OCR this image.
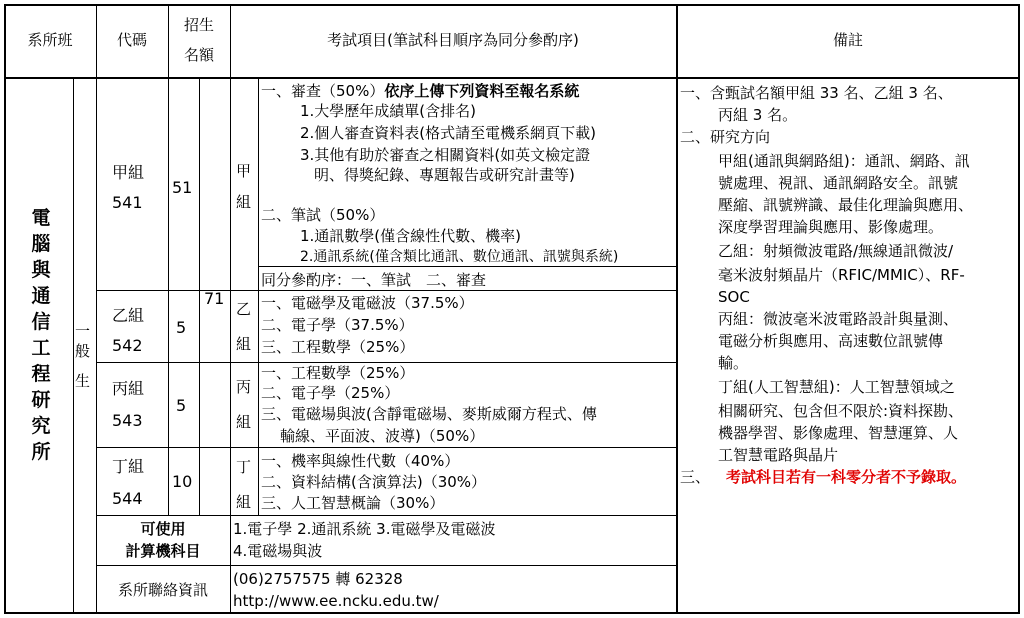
系所班	代碼
招生
名額
考試項目(筆試科目順序為同分參酌序)	備註
電腦與通信工程研究所
一
般
生
甲組
541
51
乙組
542
5
丙組
543
5
丁組
544
10
71
甲
組
乙
組
丙
組
丁
組
一、審查（50%）依序上傳下列資料至報名系統
1.大學歷年成績單(含排名)
2.個人審查資料表(格式請至電機系網頁下載)
3.其他有助於審查之相關資料(如英文檢定證
明、得獎紀錄、專題報告或研究計畫等)
二、筆試（50%）
1.通訊數學(僅含線性代數、機率)
2.通訊系統(僅含類比通訊、數位通訊、訊號與系統)
同分參酌序：一、筆試　二、審查
一、電磁學及電磁波（37.5%）
二、電子學（37.5%）
三、工程數學（25%）
一、工程數學（25%）
二、電子學（25%）
三、電磁場與波(含靜電磁場、麥斯威爾方程式、傳
輸線、平面波、波導)（50%）
一、機率與線性代數（40%）
二、資料結構(含演算法)（30%）
三、人工智慧概論（30%）
可使用
計算機科目
1.電子學 2.通訊系統 3.電磁學及電磁波
4.電磁場與波
系所聯絡資訊
(06)2757575 轉 62328
http://www.ee.ncku.edu.tw/
一、含甄試名額甲組 33 名、乙組 3 名、
丙組 3 名。
二、研究方向
甲組(通訊與網路組)：通訊、網路、訊
號處理、視訊、通訊網路安全。訊號
壓縮、訊號辨識、最佳化理論與應用、
深度學習理論與應用、影像處理。
乙組：射頻微波電路/無線通訊微波/
毫米波射頻晶片（RFIC/MMIC）、RF-
SOC
丙組：微波毫米波電路設計與量測、
電磁分析與應用、高速數位訊號傳
輸。
丁組(人工智慧組)：人工智慧領域之
相關研究、包含但不限於:資料探勘、
機器學習、影像處理、智慧運算、人
工智慧電路與晶片
三、 考試科目若有一科零分者不予錄取。
